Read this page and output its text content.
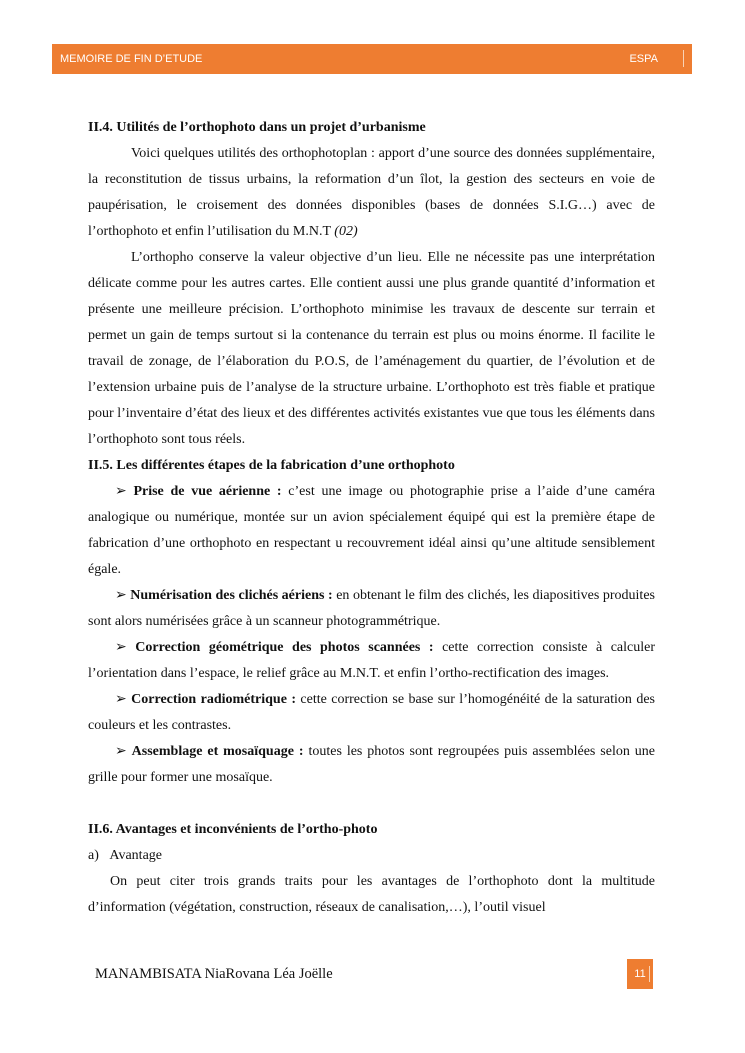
MEMOIRE DE FIN D’ETUDE	ESPA
II.4. Utilités de l’orthophoto dans un projet d’urbanisme

Voici quelques utilités des orthophotoplan : apport d’une source des données supplémentaire, la reconstitution de tissus urbains, la reformation d’un îlot, la gestion des secteurs en voie de paupérisation, le croisement des données disponibles (bases de données S.I.G…) avec de l’orthophoto et enfin l’utilisation du M.N.T (02)

L’orthopho conserve la valeur objective d’un lieu. Elle ne nécessite pas une interprétation délicate comme pour les autres cartes. Elle contient aussi une plus grande quantité d’information et présente une meilleure précision. L’orthophoto minimise les travaux de descente sur terrain et permet un gain de temps surtout si la contenance du terrain est plus ou moins énorme. Il facilite le travail de zonage, de l’élaboration du P.O.S, de l’aménagement du quartier, de l’évolution et de l’extension urbaine puis de l’analyse de la structure urbaine. L’orthophoto est très fiable et pratique pour l’inventaire d’état des lieux et des différentes activités existantes vue que tous les éléments dans l’orthophoto sont tous réels.

II.5. Les différentes étapes de la fabrication d’une orthophoto

➢ Prise de vue aérienne : c’est une image ou photographie prise a l’aide d’une caméra analogique ou numérique, montée sur un avion spécialement équipé qui est la première étape de fabrication d’une orthophoto en respectant u recouvrement idéal ainsi qu’une altitude sensiblement égale.

➢ Numérisation des clichés aériens : en obtenant le film des clichés, les diapositives produites sont alors numérisées grâce à un scanneur photogrammétrique.

➢ Correction géométrique des photos scannées : cette correction consiste à calculer l’orientation dans l’espace, le relief grâce au M.N.T. et enfin l’ortho-rectification des images.

➢ Correction radiométrique : cette correction se base sur l’homogénéité de la saturation des couleurs et les contrastes.

➢ Assemblage et mosaïquage : toutes les photos sont regroupées puis assemblées selon une grille pour former une mosaïque.

II.6. Avantages et inconvénients de l’ortho-photo

a) Avantage

On peut citer trois grands traits pour les avantages de l’orthophoto dont la multitude d’information (végétation, construction, réseaux de canalisation,…), l’outil visuel

MANAMBISATA NiaRovana Léa Joëlle	11
